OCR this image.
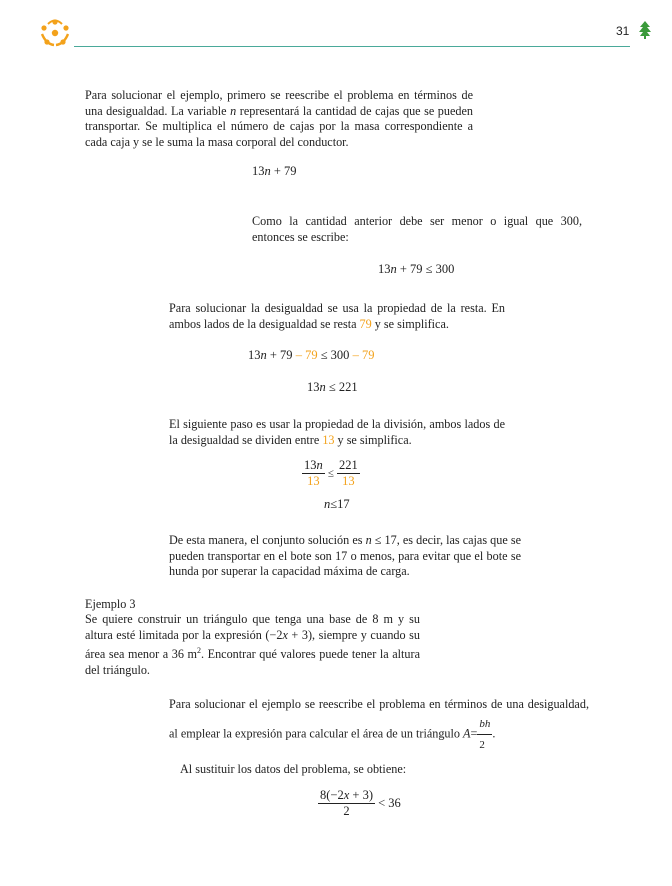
31

Para solucionar el ejemplo, primero se reescribe el problema en términos de una desigualdad. La variable n representará la cantidad de cajas que se pueden transportar. Se multiplica el número de cajas por la masa correspondiente a cada caja y se le suma la masa corporal del conductor.

13n + 79

Como la cantidad anterior debe ser menor o igual que 300, entonces se escribe:

13n + 79 ≤ 300

Para solucionar la desigualdad se usa la propiedad de la resta. En ambos lados de la desigualdad se resta 79 y se simplifica.

13n + 79 – 79 ≤ 300 – 79
13n ≤ 221

El siguiente paso es usar la propiedad de la división, ambos lados de la desigualdad se dividen entre 13 y se simplifica.

$\frac{13n}{13} \le \frac{221}{13}$
n≤17

De esta manera, el conjunto solución es n ≤ 17, es decir, las cajas que se pueden transportar en el bote son 17 o menos, para evitar que el bote se hunda por superar la capacidad máxima de carga.

Ejemplo 3

Se quiere construir un triángulo que tenga una base de 8 m y su altura esté limitada por la expresión (−2x + 3), siempre y cuando su área sea menor a 36 $m^2$. Encontrar qué valores puede tener la altura del triángulo.

Para solucionar el ejemplo se reescribe el problema en términos de una desigualdad, al emplear la expresión para calcular el área de un triángulo $A= \frac{bh}{2}$ .

Al sustituir los datos del problema, se obtiene:

$\frac{8(-2x + 3)}{2} < 36$
